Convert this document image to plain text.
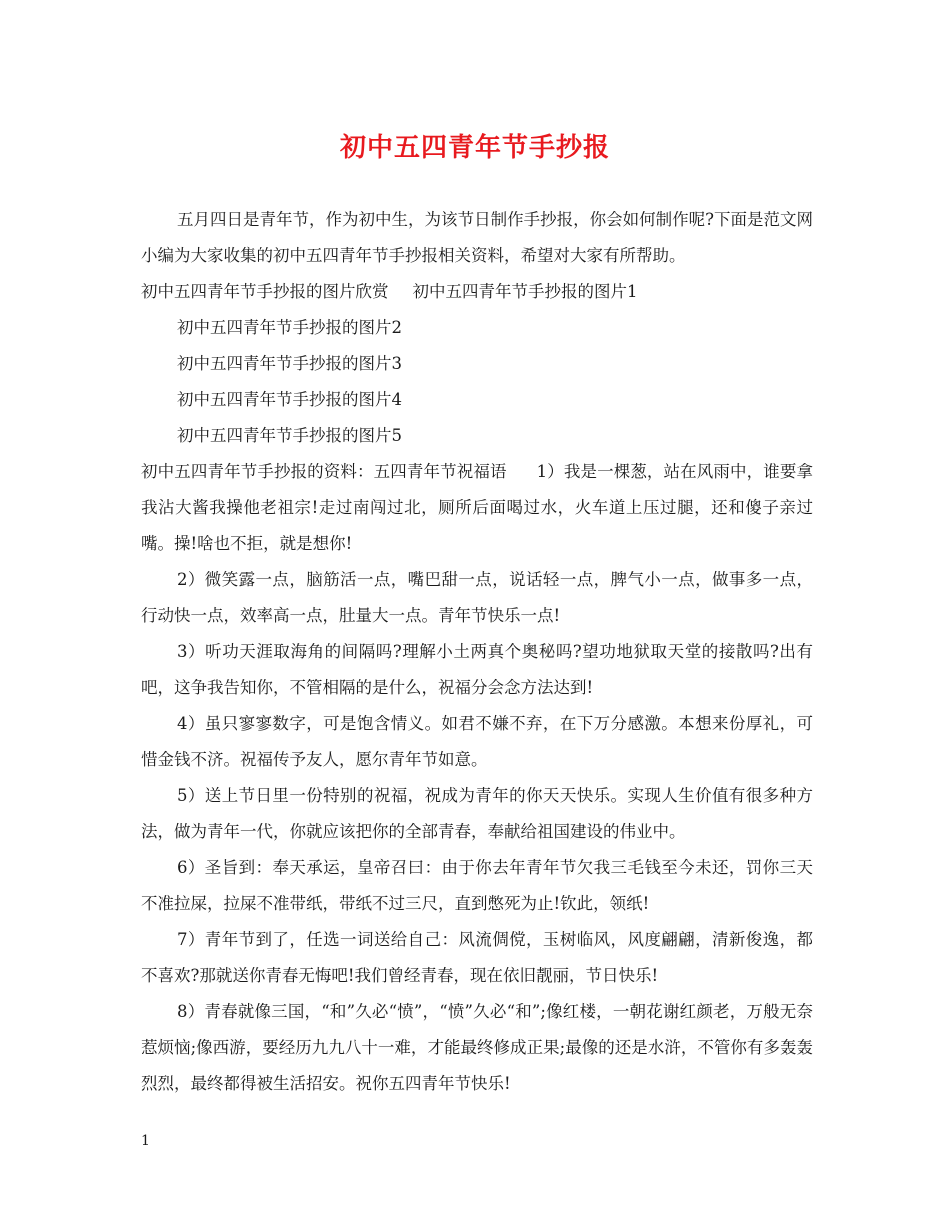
初中五四青年节手抄报

五月四日是青年节，作为初中生，为该节日制作手抄报，你会如何制作呢?下面是范文网小编为大家收集的初中五四青年节手抄报相关资料，希望对大家有所帮助。

初中五四青年节手抄报的图片欣赏 初中五四青年节手抄报的图片1

初中五四青年节手抄报的图片2

初中五四青年节手抄报的图片3

初中五四青年节手抄报的图片4

初中五四青年节手抄报的图片5

初中五四青年节手抄报的资料：五四青年节祝福语 1）我是一棵葱，站在风雨中，谁要拿我沾大酱我操他老祖宗!走过南闯过北，厕所后面喝过水，火车道上压过腿，还和傻子亲过嘴。操!啥也不拒，就是想你!

2）微笑露一点，脑筋活一点，嘴巴甜一点，说话轻一点，脾气小一点，做事多一点，行动快一点，效率高一点，肚量大一点。青年节快乐一点!

3）听功天涯取海角的间隔吗?理解小土两真个奥秘吗?望功地狱取天堂的接散吗?出有吧，这争我告知你，不管相隔的是什么，祝福分会念方法达到!

4）虽只寥寥数字，可是饱含情义。如君不嫌不弃，在下万分感激。本想来份厚礼，可惜金钱不济。祝福传予友人，愿尔青年节如意。

5）送上节日里一份特别的祝福，祝成为青年的你天天快乐。实现人生价值有很多种方法，做为青年一代，你就应该把你的全部青春，奉献给祖国建设的伟业中。

6）圣旨到：奉天承运，皇帝召曰：由于你去年青年节欠我三毛钱至今未还，罚你三天不准拉屎，拉屎不准带纸，带纸不过三尺，直到憋死为止!钦此，领纸!

7）青年节到了，任选一词送给自己：风流倜傥，玉树临风，风度翩翩，清新俊逸，都不喜欢?那就送你青春无悔吧!我们曾经青春，现在依旧靓丽，节日快乐!

8）青春就像三国，“和”久必“愤”，“愤”久必“和”;像红楼，一朝花谢红颜老，万般无奈惹烦恼;像西游，要经历九九八十一难，才能最终修成正果;最像的还是水浒，不管你有多轰轰烈烈，最终都得被生活招安。祝你五四青年节快乐!

1
